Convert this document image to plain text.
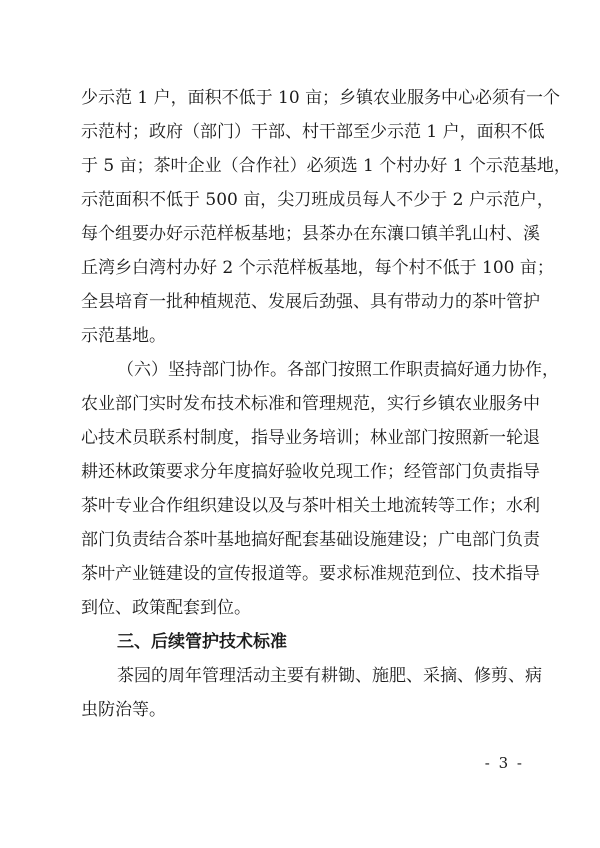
少示范 1 户，面积不低于 10 亩；乡镇农业服务中心必须有一个
示范村；政府（部门）干部、村干部至少示范 1 户，面积不低
于 5 亩；茶叶企业（合作社）必须选 1 个村办好 1 个示范基地，
示范面积不低于 500 亩，尖刀班成员每人不少于 2 户示范户，
每个组要办好示范样板基地；县茶办在东瀼口镇羊乳山村、溪
丘湾乡白湾村办好 2 个示范样板基地，每个村不低于 100 亩；
全县培育一批种植规范、发展后劲强、具有带动力的茶叶管护
示范基地。
（六）坚持部门协作。各部门按照工作职责搞好通力协作，
农业部门实时发布技术标准和管理规范，实行乡镇农业服务中
心技术员联系村制度，指导业务培训；林业部门按照新一轮退
耕还林政策要求分年度搞好验收兑现工作；经管部门负责指导
茶叶专业合作组织建设以及与茶叶相关土地流转等工作；水利
部门负责结合茶叶基地搞好配套基础设施建设；广电部门负责
茶叶产业链建设的宣传报道等。要求标准规范到位、技术指导
到位、政策配套到位。
三、后续管护技术标准
茶园的周年管理活动主要有耕锄、施肥、采摘、修剪、病
虫防治等。
- 3 -
